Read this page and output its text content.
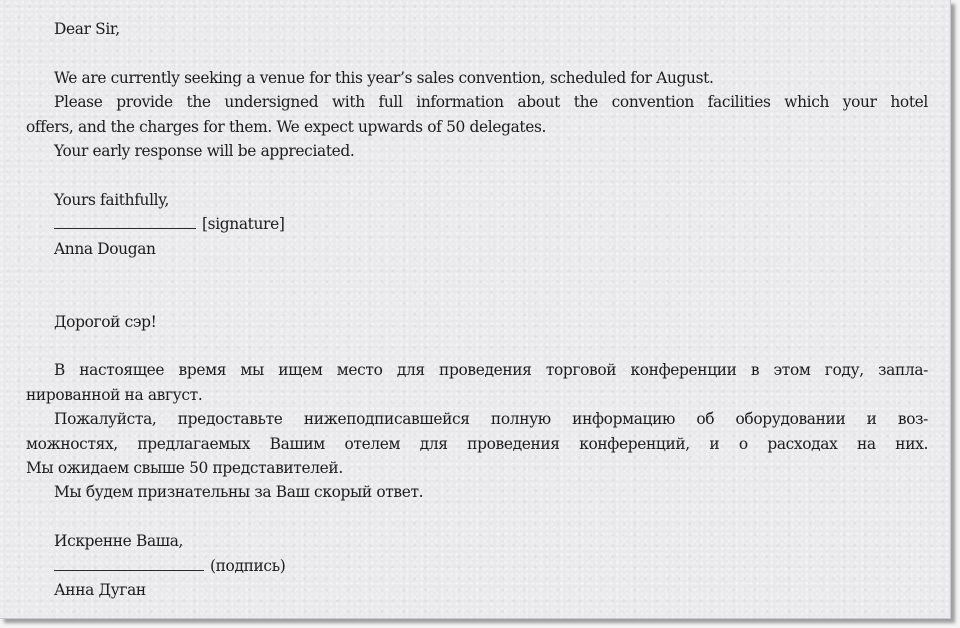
Dear Sir,
We are currently seeking a venue for this year’s sales convention, scheduled for August.
Please provide the undersigned with full information about the convention facilities which your hotel
offers, and the charges for them. We expect upwards of 50 delegates.
Your early response will be appreciated.
Yours faithfully,
[signature]
Anna Dougan
Дорогой сэр!
В настоящее время мы ищем место для проведения торговой конференции в этом году, запла-
нированной на август.
Пожалуйста, предоставьте нижеподписавшейся полную информацию об оборудовании и воз-
можностях, предлагаемых Вашим отелем для проведения конференций, и о расходах на них.
Мы ожидаем свыше 50 представителей.
Мы будем признательны за Ваш скорый ответ.
Искренне Ваша,
(подпись)
Анна Дуган
